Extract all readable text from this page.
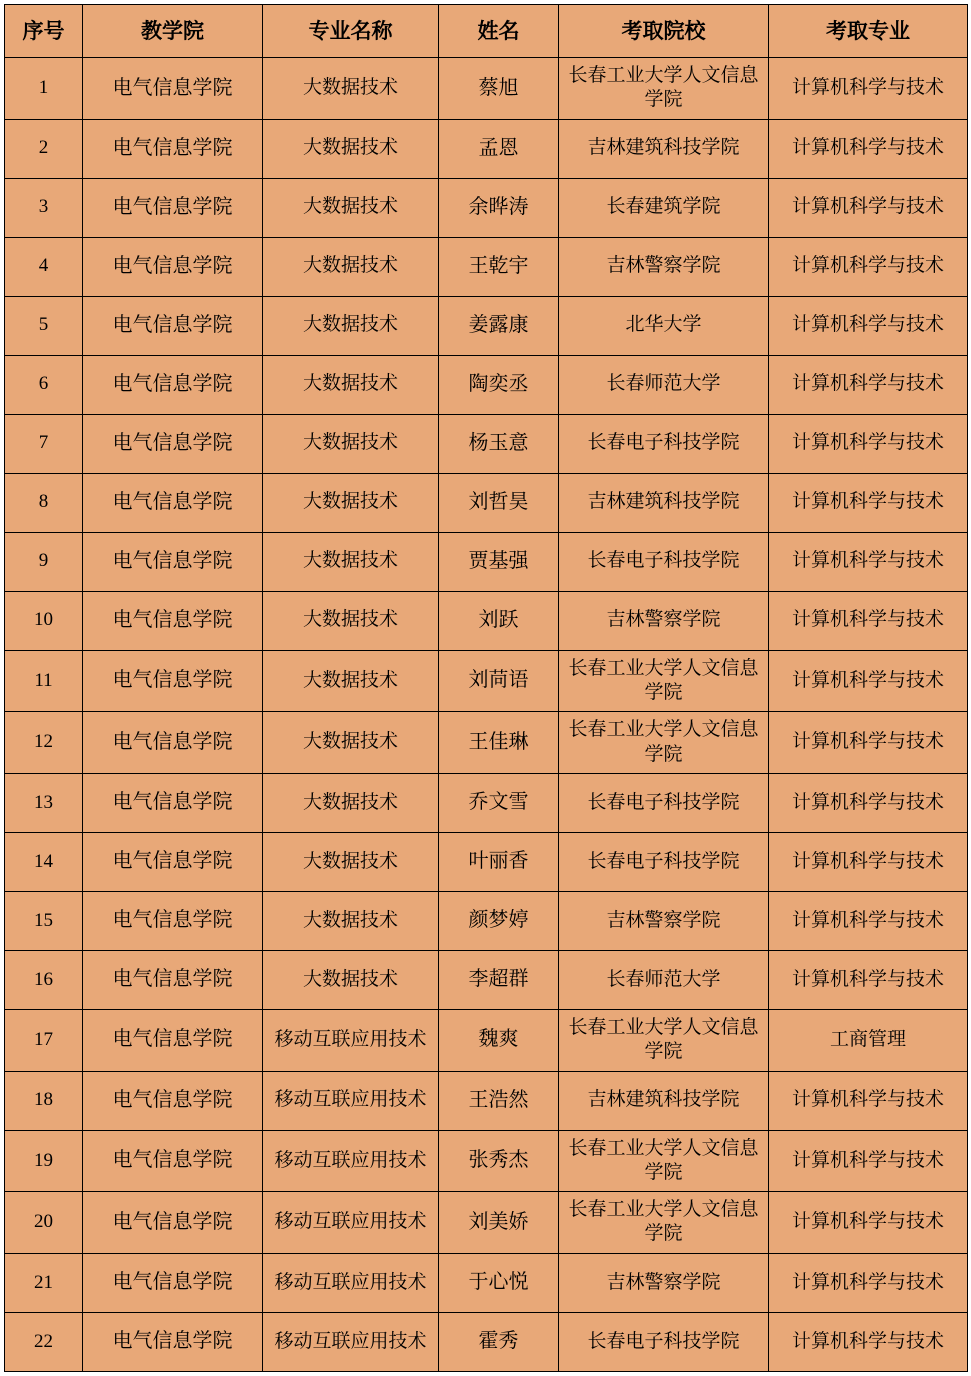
序号	教学院	专业名称	姓名	考取院校	考取专业
1	电气信息学院	大数据技术	蔡旭	长春工业大学人文信息学院	计算机科学与技术
2	电气信息学院	大数据技术	孟恩	吉林建筑科技学院	计算机科学与技术
3	电气信息学院	大数据技术	余晔涛	长春建筑学院	计算机科学与技术
4	电气信息学院	大数据技术	王乾宇	吉林警察学院	计算机科学与技术
5	电气信息学院	大数据技术	姜露康	北华大学	计算机科学与技术
6	电气信息学院	大数据技术	陶奕丞	长春师范大学	计算机科学与技术
7	电气信息学院	大数据技术	杨玉意	长春电子科技学院	计算机科学与技术
8	电气信息学院	大数据技术	刘哲昊	吉林建筑科技学院	计算机科学与技术
9	电气信息学院	大数据技术	贾基强	长春电子科技学院	计算机科学与技术
10	电气信息学院	大数据技术	刘跃	吉林警察学院	计算机科学与技术
11	电气信息学院	大数据技术	刘苘语	长春工业大学人文信息学院	计算机科学与技术
12	电气信息学院	大数据技术	王佳琳	长春工业大学人文信息学院	计算机科学与技术
13	电气信息学院	大数据技术	乔文雪	长春电子科技学院	计算机科学与技术
14	电气信息学院	大数据技术	叶丽香	长春电子科技学院	计算机科学与技术
15	电气信息学院	大数据技术	颜梦婷	吉林警察学院	计算机科学与技术
16	电气信息学院	大数据技术	李超群	长春师范大学	计算机科学与技术
17	电气信息学院	移动互联应用技术	魏爽	长春工业大学人文信息学院	工商管理
18	电气信息学院	移动互联应用技术	王浩然	吉林建筑科技学院	计算机科学与技术
19	电气信息学院	移动互联应用技术	张秀杰	长春工业大学人文信息学院	计算机科学与技术
20	电气信息学院	移动互联应用技术	刘美娇	长春工业大学人文信息学院	计算机科学与技术
21	电气信息学院	移动互联应用技术	于心悦	吉林警察学院	计算机科学与技术
22	电气信息学院	移动互联应用技术	霍秀	长春电子科技学院	计算机科学与技术
